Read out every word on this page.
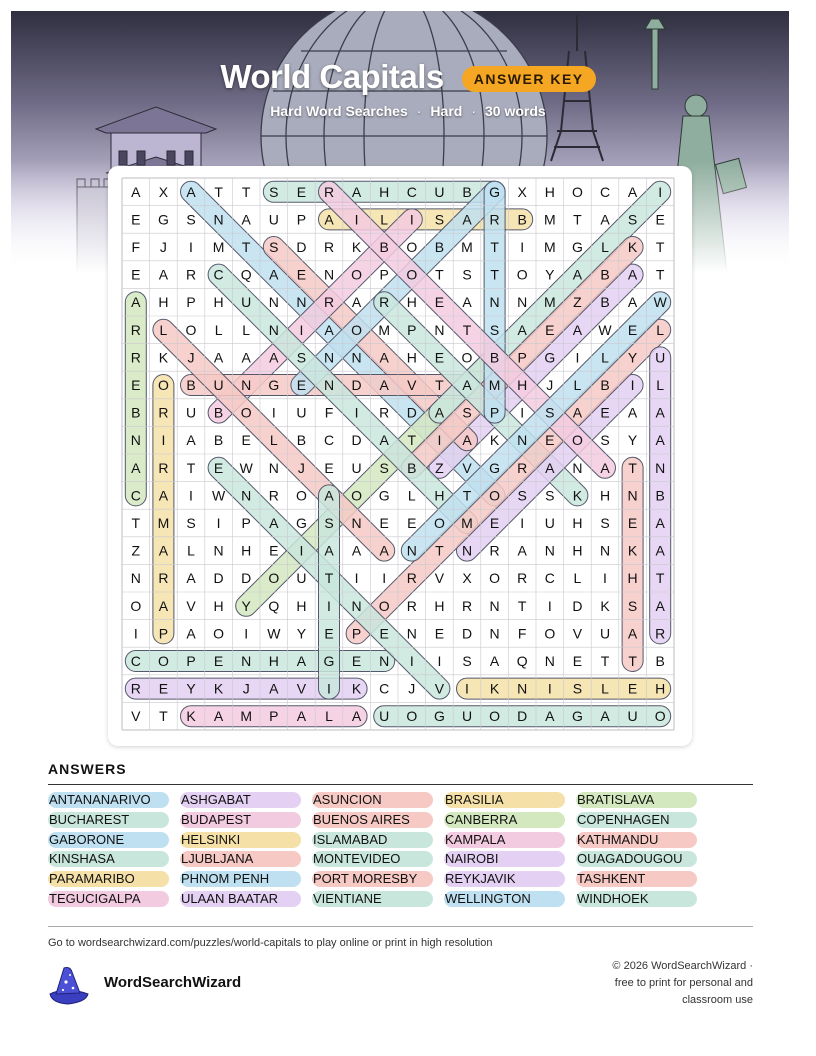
World Capitals	ANSWER KEY
Hard Word Searches · Hard · 30 words
A X A T T S E R A H C U B G X H O C A I
E G S N A U P A I L I S A R B M T A S E
F J I M T S D R K B O B M T I M G L K T
E A R C Q A E N O P O T S T O Y A B A T
A H P H U N N R A R H E A N N M Z B A W
R L O L L N I A O M P N T S A E A W E L
R K J A A A S N N A H E O B P G I L Y U
E O B U N G E N D A V T A M H J L B I L
B R U B O I U F I R D A S P I S A E A A
N I A B E L B C D A T I A K N E O S Y A
A R T E W N J E U S B Z V G R A N A T N
C A I W N R O A O G L H T O S S K H N B
T M S I P A G S N E E O M E I U H S E A
Z A L N H E I A A A N T N R A N H N K A
N R A D D O U T I I R V X O R C L I H T
O A V H Y Q H I N O R H R N T I D K S A
I P A O I W Y E P E N E D N F O V U A R
C O P E N H A G E N I I S A Q N E T T B
R E Y K J A V I K C J V I K N I S L E H
V T K A M P A L A U O G U O D A G A U O
ANSWERS
ANTANANARIVO	ASHGABAT	ASUNCION	BRASILIA	BRATISLAVA
BUCHAREST	BUDAPEST	BUENOS AIRES	CANBERRA	COPENHAGEN
GABORONE	HELSINKI	ISLAMABAD	KAMPALA	KATHMANDU
KINSHASA	LJUBLJANA	MONTEVIDEO	NAIROBI	OUAGADOUGOU
PARAMARIBO	PHNOM PENH	PORT MORESBY	REYKJAVIK	TASHKENT
TEGUCIGALPA	ULAAN BAATAR	VIENTIANE	WELLINGTON	WINDHOEK
Go to wordsearchwizard.com/puzzles/world-capitals to play online or print in high resolution
WordSearchWizard
© 2026 WordSearchWizard ·
free to print for personal and
classroom use
